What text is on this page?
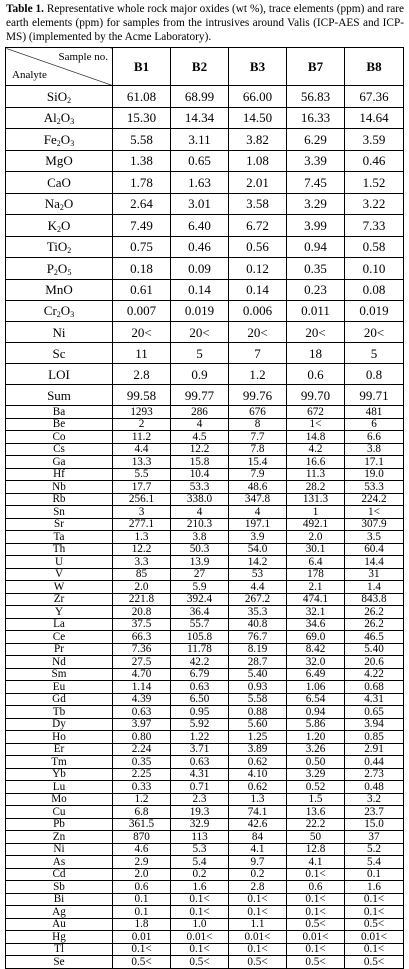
Table 1. Representative whole rock major oxides (wt %), trace elements (ppm) and rare earth elements (ppm) for samples from the intrusives around Valis (ICP-AES and ICP-MS) (implemented by the Acme Laboratory).
Sample no.
Analyte	B1	B2	B3	B7	B8
SiO$_2$	61.08	68.99	66.00	56.83	67.36
$Al_2O_3$	15.30	14.34	14.50	16.33	14.64
$Fe_2O_3$	5.58	3.11	3.82	6.29	3.59
MgO	1.38	0.65	1.08	3.39	0.46
CaO	1.78	1.63	2.01	7.45	1.52
$Na_2O$	2.64	3.01	3.58	3.29	3.22
$K_2O$	7.49	6.40	6.72	3.99	7.33
TiO$_2$	0.75	0.46	0.56	0.94	0.58
$P_2O_5$	0.18	0.09	0.12	0.35	0.10
MnO	0.61	0.14	0.14	0.23	0.08
$Cr_2O_3$	0.007	0.019	0.006	0.011	0.019
Ni	20<	20<	20<	20<	20<
Sc	11	5	7	18	5
LOI	2.8	0.9	1.2	0.6	0.8
Sum	99.58	99.77	99.76	99.70	99.71
Ba	1293	286	676	672	481
Be	2	4	8	1<	6
Co	11.2	4.5	7.7	14.8	6.6
Cs	4.4	12.2	7.8	4.2	3.8
Ga	13.3	15.8	15.4	16.6	17.1
Hf	5.5	10.4	7.9	11.3	19.0
Nb	17.7	53.3	48.6	28.2	53.3
Rb	256.1	338.0	347.8	131.3	224.2
Sn	3	4	4	1	1<
Sr	277.1	210.3	197.1	492.1	307.9
Ta	1.3	3.8	3.9	2.0	3.5
Th	12.2	50.3	54.0	30.1	60.4
U	3.3	13.9	14.2	6.4	14.4
V	85	27	53	178	31
W	2.0	5.9	4.4	2.1	1.4
Zr	221.8	392.4	267.2	474.1	843.8
Y	20.8	36.4	35.3	32.1	26.2
La	37.5	55.7	40.8	34.6	26.2
Ce	66.3	105.8	76.7	69.0	46.5
Pr	7.36	11.78	8.19	8.42	5.40
Nd	27.5	42.2	28.7	32.0	20.6
Sm	4.70	6.79	5.40	6.49	4.22
Eu	1.14	0.63	0.93	1.06	0.68
Gd	4.39	6.50	5.58	6.54	4.31
Tb	0.63	0.95	0.88	0.94	0.65
Dy	3.97	5.92	5.60	5.86	3.94
Ho	0.80	1.22	1.25	1.20	0.85
Er	2.24	3.71	3.89	3.26	2.91
Tm	0.35	0.63	0.62	0.50	0.44
Yb	2.25	4.31	4.10	3.29	2.73
Lu	0.33	0.71	0.62	0.52	0.48
Mo	1.2	2.3	1.3	1.5	3.2
Cu	6.8	19.3	74.1	13.6	23.7
Pb	361.5	32.9	42.6	22.2	15.0
Zn	870	113	84	50	37
Ni	4.6	5.3	4.1	12.8	5.2
As	2.9	5.4	9.7	4.1	5.4
Cd	2.0	0.2	0.2	0.1<	0.1
Sb	0.6	1.6	2.8	0.6	1.6
Bi	0.1	0.1<	0.1<	0.1<	0.1<
Ag	0.1	0.1<	0.1<	0.1<	0.1<
Au	1.8	1.0	1.1	0.5<	0.5<
Hg	0.01	0.01<	0.01<	0.01<	0.01<
Tl	0.1<	0.1<	0.1<	0.1<	0.1<
Se	0.5<	0.5<	0.5<	0.5<	0.5<
